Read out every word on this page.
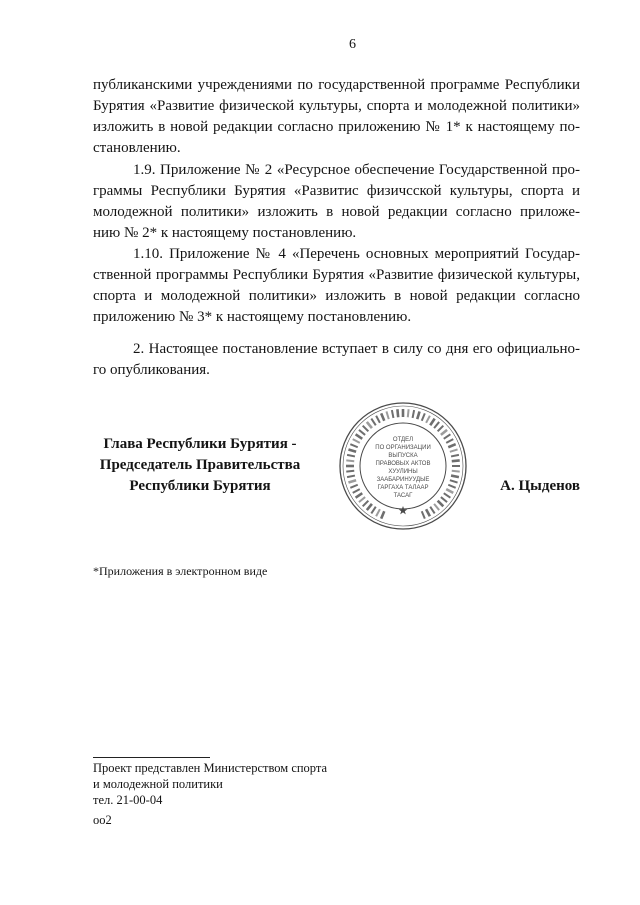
6
публиканскими учреждениями по государственной программе Республики
Бурятия «Развитие физической культуры, спорта и молодежной политики»
изложить в новой редакции согласно приложению № 1* к настоящему по-
становлению.
1.9. Приложение № 2 «Ресурсное обеспечение Государственной про-
граммы Республики Бурятия «Развитис физичсской культуры, спорта и
молодежной политики» изложить в новой редакции согласно приложе-
нию № 2* к настоящему постановлению.
1.10. Приложение № 4 «Перечень основных мероприятий Государ-
ственной программы Республики Бурятия «Развитие физической культуры,
спорта и молодежной политики» изложить в новой редакции согласно
приложению № 3* к настоящему постановлению.
2. Настоящее постановление вступает в силу со дня его официально-
го опубликования.
Глава Республики Бурятия -
Председатель Правительства
Республики Бурятия
ОТДЕЛ
ПО ОРГАНИЗАЦИИ
ВЫПУСКА
ПРАВОВЫХ АКТОВ
ХУУЛИНЫ
ЗААБАРИНУУДЫЕ
ГАРГАХА ТАЛААР
ТАСАГ
А. Цыденов
*Приложения в электронном виде
Проект представлен Министерством спорта
и молодежной политики
тел. 21-00-04
оо2
